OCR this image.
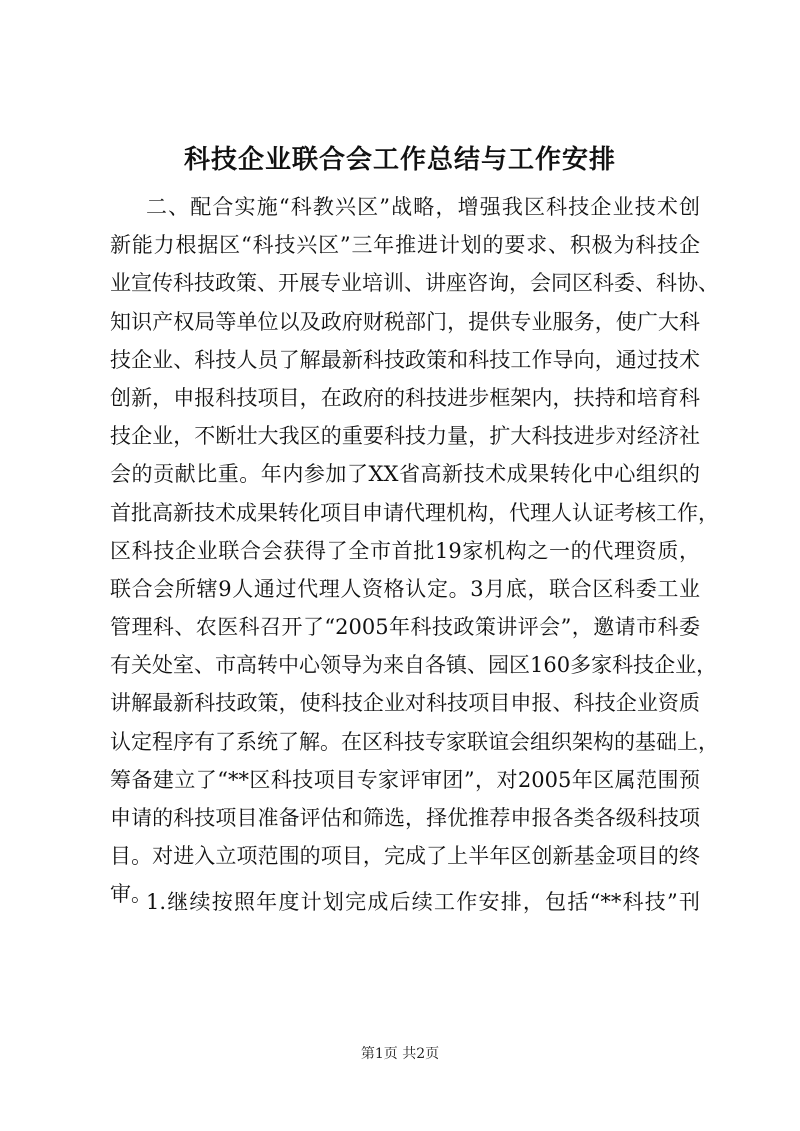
科技企业联合会工作总结与工作安排
二、配合实施“科教兴区”战略，增强我区科技企业技术创
新能力根据区“科技兴区”三年推进计划的要求、积极为科技企
业宣传科技政策、开展专业培训、讲座咨询，会同区科委、科协、
知识产权局等单位以及政府财税部门，提供专业服务，使广大科
技企业、科技人员了解最新科技政策和科技工作导向，通过技术
创新，申报科技项目，在政府的科技进步框架内，扶持和培育科
技企业，不断壮大我区的重要科技力量，扩大科技进步对经济社
会的贡献比重。年内参加了XX省高新技术成果转化中心组织的
首批高新技术成果转化项目申请代理机构，代理人认证考核工作，
区科技企业联合会获得了全市首批19家机构之一的代理资质，
联合会所辖9人通过代理人资格认定。3月底，联合区科委工业
管理科、农医科召开了“2005年科技政策讲评会”，邀请市科委
有关处室、市高转中心领导为来自各镇、园区160多家科技企业，
讲解最新科技政策，使科技企业对科技项目申报、科技企业资质
认定程序有了系统了解。在区科技专家联谊会组织架构的基础上，
筹备建立了“**区科技项目专家评审团”，对2005年区属范围预
申请的科技项目准备评估和筛选，择优推荐申报各类各级科技项
目。对进入立项范围的项目，完成了上半年区创新基金项目的终
审。
1.继续按照年度计划完成后续工作安排，包括“**科技”刊
第1页 共2页
